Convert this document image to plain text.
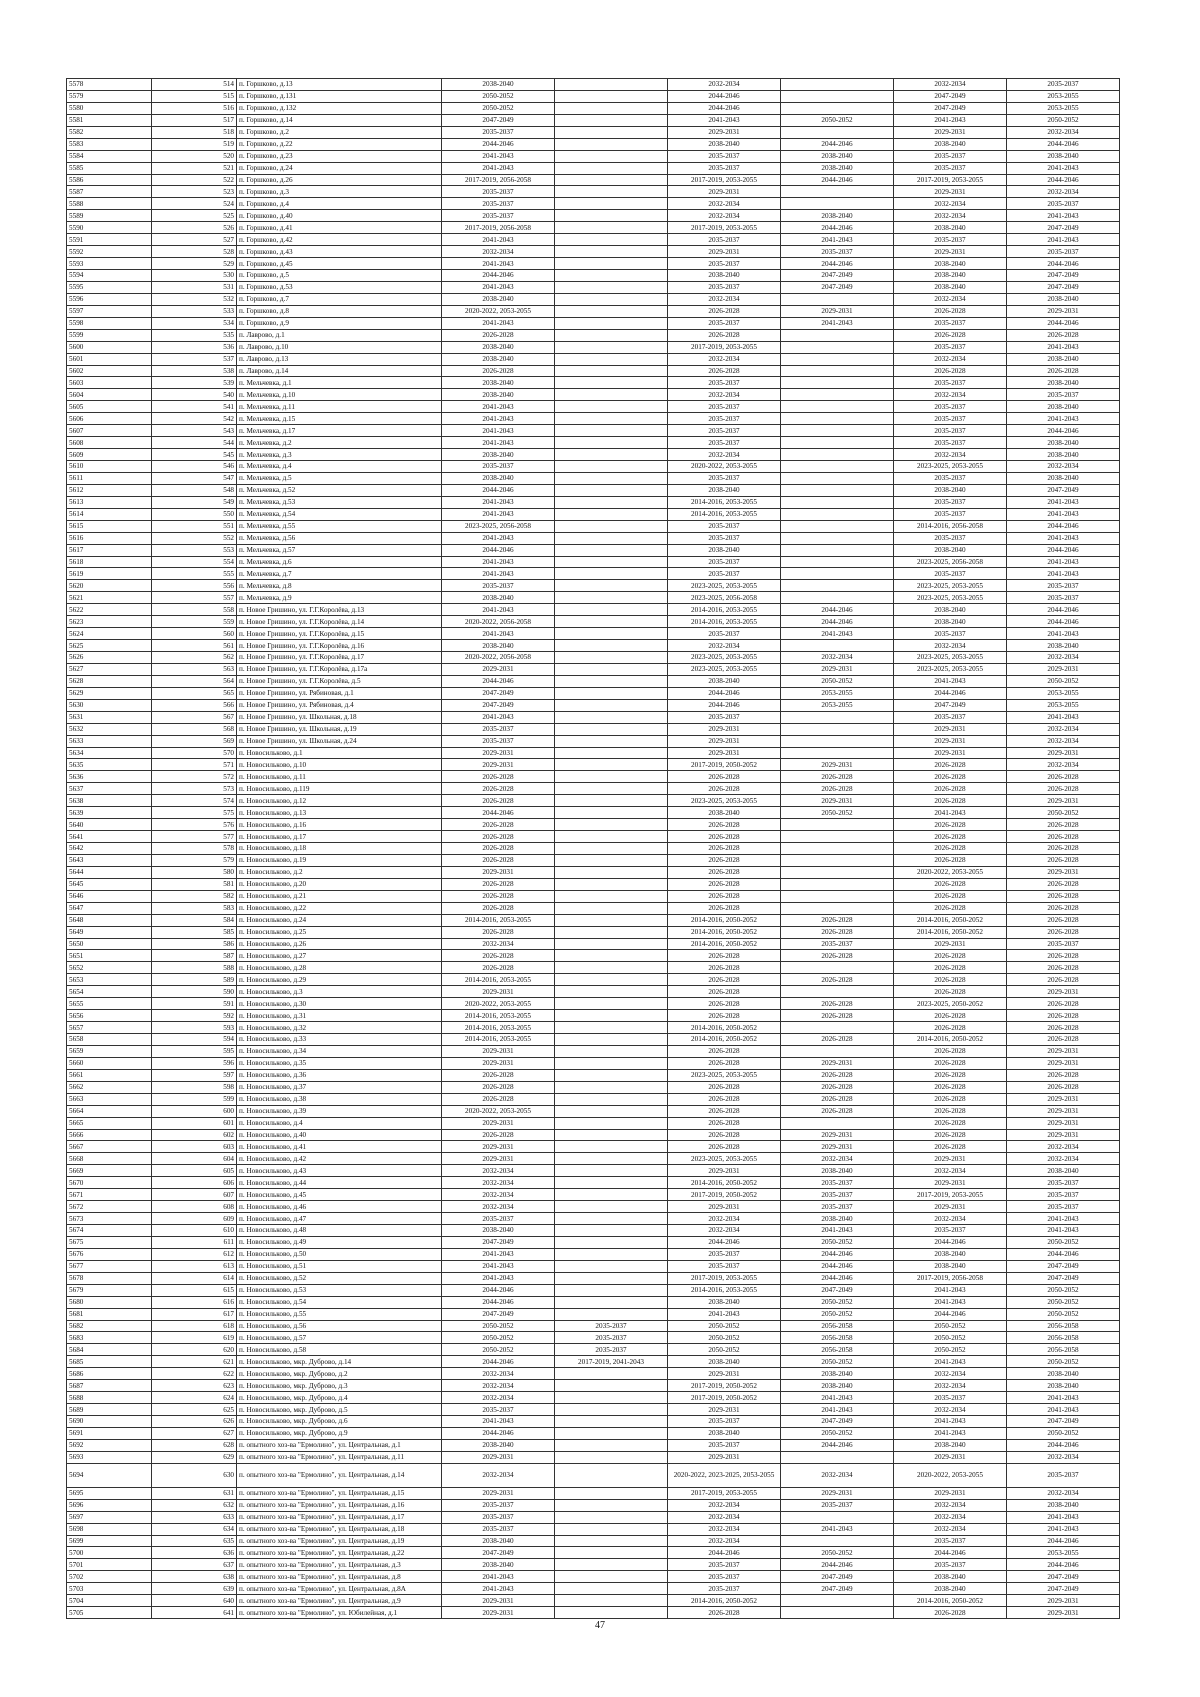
5578	514	п. Горшково, д.13	2038-2040		2032-2034		2032-2034	2035-2037
5579	515	п. Горшково, д.131	2050-2052		2044-2046		2047-2049	2053-2055
5580	516	п. Горшково, д.132	2050-2052		2044-2046		2047-2049	2053-2055
5581	517	п. Горшково, д.14	2047-2049		2041-2043	2050-2052	2041-2043	2050-2052
5582	518	п. Горшково, д.2	2035-2037		2029-2031		2029-2031	2032-2034
5583	519	п. Горшково, д.22	2044-2046		2038-2040	2044-2046	2038-2040	2044-2046
5584	520	п. Горшково, д.23	2041-2043		2035-2037	2038-2040	2035-2037	2038-2040
5585	521	п. Горшково, д.24	2041-2043		2035-2037	2038-2040	2035-2037	2041-2043
5586	522	п. Горшково, д.26	2017-2019, 2056-2058		2017-2019, 2053-2055	2044-2046	2017-2019, 2053-2055	2044-2046
5587	523	п. Горшково, д.3	2035-2037		2029-2031		2029-2031	2032-2034
5588	524	п. Горшково, д.4	2035-2037		2032-2034		2032-2034	2035-2037
5589	525	п. Горшково, д.40	2035-2037		2032-2034	2038-2040	2032-2034	2041-2043
5590	526	п. Горшково, д.41	2017-2019, 2056-2058		2017-2019, 2053-2055	2044-2046	2038-2040	2047-2049
5591	527	п. Горшково, д.42	2041-2043		2035-2037	2041-2043	2035-2037	2041-2043
5592	528	п. Горшково, д.43	2032-2034		2029-2031	2035-2037	2029-2031	2035-2037
5593	529	п. Горшково, д.45	2041-2043		2035-2037	2044-2046	2038-2040	2044-2046
5594	530	п. Горшково, д.5	2044-2046		2038-2040	2047-2049	2038-2040	2047-2049
5595	531	п. Горшково, д.53	2041-2043		2035-2037	2047-2049	2038-2040	2047-2049
5596	532	п. Горшково, д.7	2038-2040		2032-2034		2032-2034	2038-2040
5597	533	п. Горшково, д.8	2020-2022, 2053-2055		2026-2028	2029-2031	2026-2028	2029-2031
5598	534	п. Горшково, д.9	2041-2043		2035-2037	2041-2043	2035-2037	2044-2046
5599	535	п. Лаврово, д.1	2026-2028		2026-2028		2026-2028	2026-2028
5600	536	п. Лаврово, д.10	2038-2040		2017-2019, 2053-2055		2035-2037	2041-2043
5601	537	п. Лаврово, д.13	2038-2040		2032-2034		2032-2034	2038-2040
5602	538	п. Лаврово, д.14	2026-2028		2026-2028		2026-2028	2026-2028
5603	539	п. Мельчевка, д.1	2038-2040		2035-2037		2035-2037	2038-2040
5604	540	п. Мельчевка, д.10	2038-2040		2032-2034		2032-2034	2035-2037
5605	541	п. Мельчевка, д.11	2041-2043		2035-2037		2035-2037	2038-2040
5606	542	п. Мельчевка, д.15	2041-2043		2035-2037		2035-2037	2041-2043
5607	543	п. Мельчевка, д.17	2041-2043		2035-2037		2035-2037	2044-2046
5608	544	п. Мельчевка, д.2	2041-2043		2035-2037		2035-2037	2038-2040
5609	545	п. Мельчевка, д.3	2038-2040		2032-2034		2032-2034	2038-2040
5610	546	п. Мельчевка, д.4	2035-2037		2020-2022, 2053-2055		2023-2025, 2053-2055	2032-2034
5611	547	п. Мельчевка, д.5	2038-2040		2035-2037		2035-2037	2038-2040
5612	548	п. Мельчевка, д.52	2044-2046		2038-2040		2038-2040	2047-2049
5613	549	п. Мельчевка, д.53	2041-2043		2014-2016, 2053-2055		2035-2037	2041-2043
5614	550	п. Мельчевка, д.54	2041-2043		2014-2016, 2053-2055		2035-2037	2041-2043
5615	551	п. Мельчевка, д.55	2023-2025, 2056-2058		2035-2037		2014-2016, 2056-2058	2044-2046
5616	552	п. Мельчевка, д.56	2041-2043		2035-2037		2035-2037	2041-2043
5617	553	п. Мельчевка, д.57	2044-2046		2038-2040		2038-2040	2044-2046
5618	554	п. Мельчевка, д.6	2041-2043		2035-2037		2023-2025, 2056-2058	2041-2043
5619	555	п. Мельчевка, д.7	2041-2043		2035-2037		2035-2037	2041-2043
5620	556	п. Мельчевка, д.8	2035-2037		2023-2025, 2053-2055		2023-2025, 2053-2055	2035-2037
5621	557	п. Мельчевка, д.9	2038-2040		2023-2025, 2056-2058		2023-2025, 2053-2055	2035-2037
5622	558	п. Новое Гришино, ул. Г.Г.Королёва, д.13	2041-2043		2014-2016, 2053-2055	2044-2046	2038-2040	2044-2046
5623	559	п. Новое Гришино, ул. Г.Г.Королёва, д.14	2020-2022, 2056-2058		2014-2016, 2053-2055	2044-2046	2038-2040	2044-2046
5624	560	п. Новое Гришино, ул. Г.Г.Королёва, д.15	2041-2043		2035-2037	2041-2043	2035-2037	2041-2043
5625	561	п. Новое Гришино, ул. Г.Г.Королёва, д.16	2038-2040		2032-2034		2032-2034	2038-2040
5626	562	п. Новое Гришино, ул. Г.Г.Королёва, д.17	2020-2022, 2056-2058		2023-2025, 2053-2055	2032-2034	2023-2025, 2053-2055	2032-2034
5627	563	п. Новое Гришино, ул. Г.Г.Королёва, д.17а	2029-2031		2023-2025, 2053-2055	2029-2031	2023-2025, 2053-2055	2029-2031
5628	564	п. Новое Гришино, ул. Г.Г.Королёва, д.5	2044-2046		2038-2040	2050-2052	2041-2043	2050-2052
5629	565	п. Новое Гришино, ул. Рябиновая, д.1	2047-2049		2044-2046	2053-2055	2044-2046	2053-2055
5630	566	п. Новое Гришино, ул. Рябиновая, д.4	2047-2049		2044-2046	2053-2055	2047-2049	2053-2055
5631	567	п. Новое Гришино, ул. Школьная, д.18	2041-2043		2035-2037		2035-2037	2041-2043
5632	568	п. Новое Гришино, ул. Школьная, д.19	2035-2037		2029-2031		2029-2031	2032-2034
5633	569	п. Новое Гришино, ул. Школьная, д.24	2035-2037		2029-2031		2029-2031	2032-2034
5634	570	п. Новосильково, д.1	2029-2031		2029-2031		2029-2031	2029-2031
5635	571	п. Новосильково, д.10	2029-2031		2017-2019, 2050-2052	2029-2031	2026-2028	2032-2034
5636	572	п. Новосильково, д.11	2026-2028		2026-2028	2026-2028	2026-2028	2026-2028
5637	573	п. Новосильково, д.119	2026-2028		2026-2028	2026-2028	2026-2028	2026-2028
5638	574	п. Новосильково, д.12	2026-2028		2023-2025, 2053-2055	2029-2031	2026-2028	2029-2031
5639	575	п. Новосильково, д.13	2044-2046		2038-2040	2050-2052	2041-2043	2050-2052
5640	576	п. Новосильково, д.16	2026-2028		2026-2028		2026-2028	2026-2028
5641	577	п. Новосильково, д.17	2026-2028		2026-2028		2026-2028	2026-2028
5642	578	п. Новосильково, д.18	2026-2028		2026-2028		2026-2028	2026-2028
5643	579	п. Новосильково, д.19	2026-2028		2026-2028		2026-2028	2026-2028
5644	580	п. Новосильково, д.2	2029-2031		2026-2028		2020-2022, 2053-2055	2029-2031
5645	581	п. Новосильково, д.20	2026-2028		2026-2028		2026-2028	2026-2028
5646	582	п. Новосильково, д.21	2026-2028		2026-2028		2026-2028	2026-2028
5647	583	п. Новосильково, д.22	2026-2028		2026-2028		2026-2028	2026-2028
5648	584	п. Новосильково, д.24	2014-2016, 2053-2055		2014-2016, 2050-2052	2026-2028	2014-2016, 2050-2052	2026-2028
5649	585	п. Новосильково, д.25	2026-2028		2014-2016, 2050-2052	2026-2028	2014-2016, 2050-2052	2026-2028
5650	586	п. Новосильково, д.26	2032-2034		2014-2016, 2050-2052	2035-2037	2029-2031	2035-2037
5651	587	п. Новосильково, д.27	2026-2028		2026-2028	2026-2028	2026-2028	2026-2028
5652	588	п. Новосильково, д.28	2026-2028		2026-2028		2026-2028	2026-2028
5653	589	п. Новосильково, д.29	2014-2016, 2053-2055		2026-2028	2026-2028	2026-2028	2026-2028
5654	590	п. Новосильково, д.3	2029-2031		2026-2028		2026-2028	2029-2031
5655	591	п. Новосильково, д.30	2020-2022, 2053-2055		2026-2028	2026-2028	2023-2025, 2050-2052	2026-2028
5656	592	п. Новосильково, д.31	2014-2016, 2053-2055		2026-2028	2026-2028	2026-2028	2026-2028
5657	593	п. Новосильково, д.32	2014-2016, 2053-2055		2014-2016, 2050-2052		2026-2028	2026-2028
5658	594	п. Новосильково, д.33	2014-2016, 2053-2055		2014-2016, 2050-2052	2026-2028	2014-2016, 2050-2052	2026-2028
5659	595	п. Новосильково, д.34	2029-2031		2026-2028		2026-2028	2029-2031
5660	596	п. Новосильково, д.35	2029-2031		2026-2028	2029-2031	2026-2028	2029-2031
5661	597	п. Новосильково, д.36	2026-2028		2023-2025, 2053-2055	2026-2028	2026-2028	2026-2028
5662	598	п. Новосильково, д.37	2026-2028		2026-2028	2026-2028	2026-2028	2026-2028
5663	599	п. Новосильково, д.38	2026-2028		2026-2028	2026-2028	2026-2028	2029-2031
5664	600	п. Новосильково, д.39	2020-2022, 2053-2055		2026-2028	2026-2028	2026-2028	2029-2031
5665	601	п. Новосильково, д.4	2029-2031		2026-2028		2026-2028	2029-2031
5666	602	п. Новосильково, д.40	2026-2028		2026-2028	2029-2031	2026-2028	2029-2031
5667	603	п. Новосильково, д.41	2029-2031		2026-2028	2029-2031	2026-2028	2032-2034
5668	604	п. Новосильково, д.42	2029-2031		2023-2025, 2053-2055	2032-2034	2029-2031	2032-2034
5669	605	п. Новосильково, д.43	2032-2034		2029-2031	2038-2040	2032-2034	2038-2040
5670	606	п. Новосильково, д.44	2032-2034		2014-2016, 2050-2052	2035-2037	2029-2031	2035-2037
5671	607	п. Новосильково, д.45	2032-2034		2017-2019, 2050-2052	2035-2037	2017-2019, 2053-2055	2035-2037
5672	608	п. Новосильково, д.46	2032-2034		2029-2031	2035-2037	2029-2031	2035-2037
5673	609	п. Новосильково, д.47	2035-2037		2032-2034	2038-2040	2032-2034	2041-2043
5674	610	п. Новосильково, д.48	2038-2040		2032-2034	2041-2043	2035-2037	2041-2043
5675	611	п. Новосильково, д.49	2047-2049		2044-2046	2050-2052	2044-2046	2050-2052
5676	612	п. Новосильково, д.50	2041-2043		2035-2037	2044-2046	2038-2040	2044-2046
5677	613	п. Новосильково, д.51	2041-2043		2035-2037	2044-2046	2038-2040	2047-2049
5678	614	п. Новосильково, д.52	2041-2043		2017-2019, 2053-2055	2044-2046	2017-2019, 2056-2058	2047-2049
5679	615	п. Новосильково, д.53	2044-2046		2014-2016, 2053-2055	2047-2049	2041-2043	2050-2052
5680	616	п. Новосильково, д.54	2044-2046		2038-2040	2050-2052	2041-2043	2050-2052
5681	617	п. Новосильково, д.55	2047-2049		2041-2043	2050-2052	2044-2046	2050-2052
5682	618	п. Новосильково, д.56	2050-2052	2035-2037	2050-2052	2056-2058	2050-2052	2056-2058
5683	619	п. Новосильково, д.57	2050-2052	2035-2037	2050-2052	2056-2058	2050-2052	2056-2058
5684	620	п. Новосильково, д.58	2050-2052	2035-2037	2050-2052	2056-2058	2050-2052	2056-2058
5685	621	п. Новосильково, мкр. Дуброво, д.14	2044-2046	2017-2019, 2041-2043	2038-2040	2050-2052	2041-2043	2050-2052
5686	622	п. Новосильково, мкр. Дуброво, д.2	2032-2034		2029-2031	2038-2040	2032-2034	2038-2040
5687	623	п. Новосильково, мкр. Дуброво, д.3	2032-2034		2017-2019, 2050-2052	2038-2040	2032-2034	2038-2040
5688	624	п. Новосильково, мкр. Дуброво, д.4	2032-2034		2017-2019, 2050-2052	2041-2043	2035-2037	2041-2043
5689	625	п. Новосильково, мкр. Дуброво, д.5	2035-2037		2029-2031	2041-2043	2032-2034	2041-2043
5690	626	п. Новосильково, мкр. Дуброво, д.6	2041-2043		2035-2037	2047-2049	2041-2043	2047-2049
5691	627	п. Новосильково, мкр. Дуброво, д.9	2044-2046		2038-2040	2050-2052	2041-2043	2050-2052
5692	628	п. опытного хоз-ва "Ермолино", ул. Центральная, д.1	2038-2040		2035-2037	2044-2046	2038-2040	2044-2046
5693	629	п. опытного хоз-ва "Ермолино", ул. Центральная, д.11	2029-2031		2029-2031		2029-2031	2032-2034
5694	630	п. опытного хоз-ва "Ермолино", ул. Центральная, д.14	2032-2034		2020-2022, 2023-2025, 2053-2055	2032-2034	2020-2022, 2053-2055	2035-2037
5695	631	п. опытного хоз-ва "Ермолино", ул. Центральная, д.15	2029-2031		2017-2019, 2053-2055	2029-2031	2029-2031	2032-2034
5696	632	п. опытного хоз-ва "Ермолино", ул. Центральная, д.16	2035-2037		2032-2034	2035-2037	2032-2034	2038-2040
5697	633	п. опытного хоз-ва "Ермолино", ул. Центральная, д.17	2035-2037		2032-2034		2032-2034	2041-2043
5698	634	п. опытного хоз-ва "Ермолино", ул. Центральная, д.18	2035-2037		2032-2034	2041-2043	2032-2034	2041-2043
5699	635	п. опытного хоз-ва "Ермолино", ул. Центральная, д.19	2038-2040		2032-2034		2035-2037	2044-2046
5700	636	п. опытного хоз-ва "Ермолино", ул. Центральная, д.22	2047-2049		2044-2046	2050-2052	2044-2046	2053-2055
5701	637	п. опытного хоз-ва "Ермолино", ул. Центральная, д.3	2038-2040		2035-2037	2044-2046	2035-2037	2044-2046
5702	638	п. опытного хоз-ва "Ермолино", ул. Центральная, д.8	2041-2043		2035-2037	2047-2049	2038-2040	2047-2049
5703	639	п. опытного хоз-ва "Ермолино", ул. Центральная, д.8А	2041-2043		2035-2037	2047-2049	2038-2040	2047-2049
5704	640	п. опытного хоз-ва "Ермолино", ул. Центральная, д.9	2029-2031		2014-2016, 2050-2052		2014-2016, 2050-2052	2029-2031
5705	641	п. опытного хоз-ва "Ермолино", ул. Юбилейная, д.1	2029-2031		2026-2028		2026-2028	2029-2031
47
